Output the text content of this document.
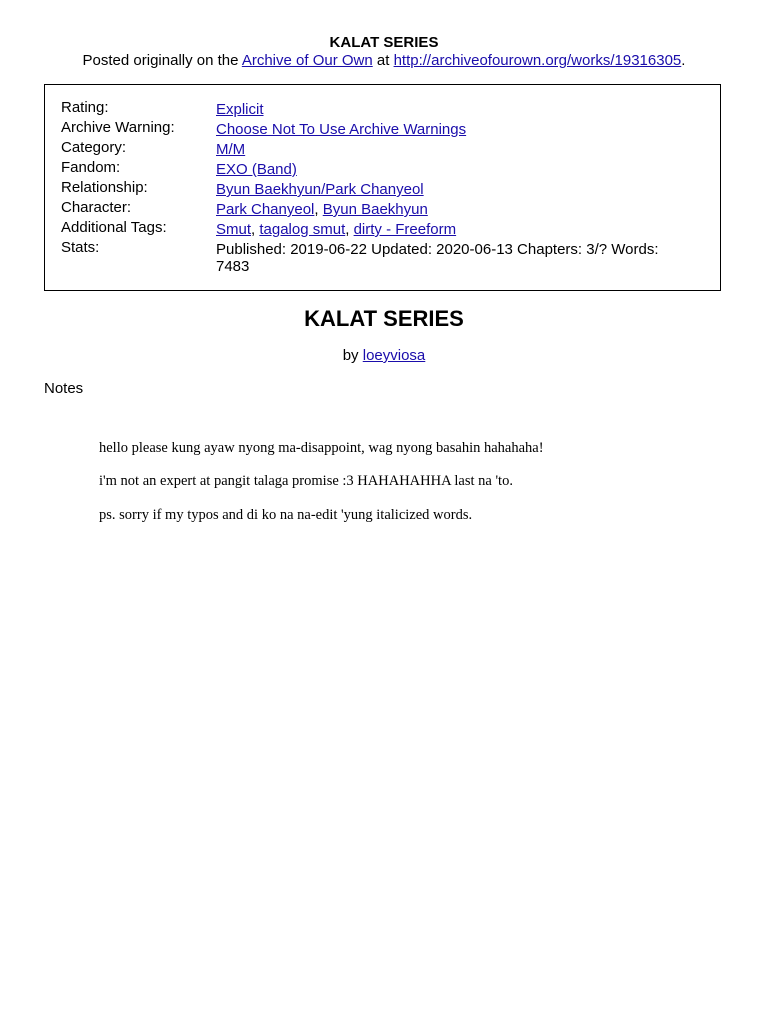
KALAT SERIES
Posted originally on the Archive of Our Own at http://archiveofourown.org/works/19316305.
Rating:	Explicit
Archive Warning:	Choose Not To Use Archive Warnings
Category:	M/M
Fandom:	EXO (Band)
Relationship:	Byun Baekhyun/Park Chanyeol
Character:	Park Chanyeol, Byun Baekhyun
Additional Tags:	Smut, tagalog smut, dirty - Freeform
Stats:	Published: 2019-06-22 Updated: 2020-06-13 Chapters: 3/? Words: 7483
KALAT SERIES
by loeyviosa
Notes
hello please kung ayaw nyong ma-disappoint, wag nyong basahin hahahaha!
i'm not an expert at pangit talaga promise :3 HAHAHAHHA last na 'to.
ps. sorry if my typos and di ko na na-edit 'yung italicized words.
